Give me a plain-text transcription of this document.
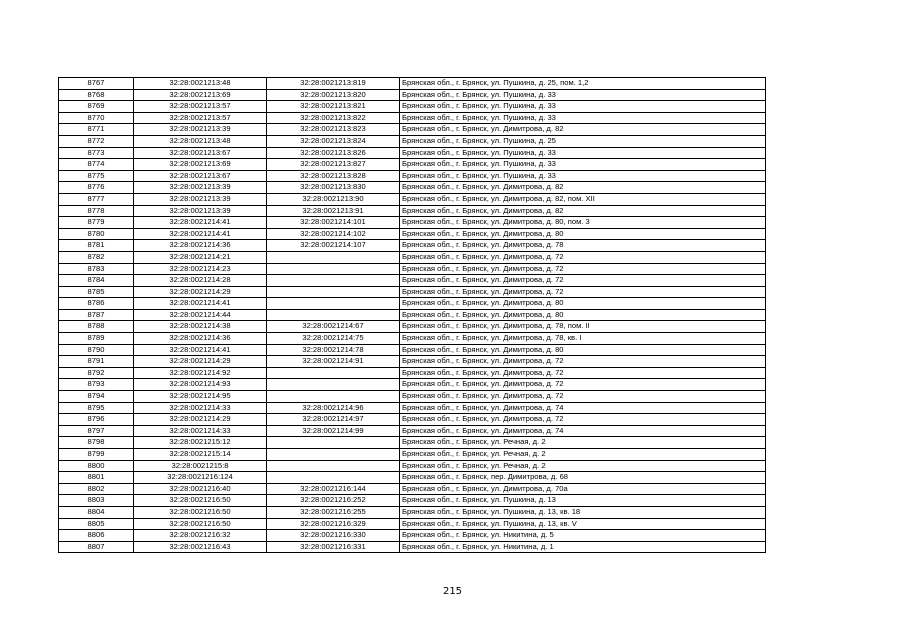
8767	32:28:0021213:48	32:28:0021213:819	Брянская обл., г. Брянск, ул. Пушкина, д. 25, пом. 1,2
8768	32:28:0021213:69	32:28:0021213:820	Брянская обл., г. Брянск, ул. Пушкина, д. 33
8769	32:28:0021213:57	32:28:0021213:821	Брянская обл., г. Брянск, ул. Пушкина, д. 33
8770	32:28:0021213:57	32:28:0021213:822	Брянская обл., г. Брянск, ул. Пушкина, д. 33
8771	32:28:0021213:39	32:28:0021213:823	Брянская обл., г. Брянск, ул. Димитрова, д. 82
8772	32:28:0021213:48	32:28:0021213:824	Брянская обл., г. Брянск, ул. Пушкина, д. 25
8773	32:28:0021213:67	32:28:0021213:826	Брянская обл., г. Брянск, ул. Пушкина, д. 33
8774	32:28:0021213:69	32:28:0021213:827	Брянская обл., г. Брянск, ул. Пушкина, д. 33
8775	32:28:0021213:67	32:28:0021213:828	Брянская обл., г. Брянск, ул. Пушкина, д. 33
8776	32:28:0021213:39	32:28:0021213:830	Брянская обл., г. Брянск, ул. Димитрова, д. 82
8777	32:28:0021213:39	32:28:0021213:90	Брянская обл., г. Брянск, ул. Димитрова, д. 82, пом. XII
8778	32:28:0021213:39	32:28:0021213:91	Брянская обл., г. Брянск, ул. Димитрова, д. 82
8779	32:28:0021214:41	32:28:0021214:101	Брянская обл., г. Брянск, ул. Димитрова, д. 80, пом. 3
8780	32:28:0021214:41	32:28:0021214:102	Брянская обл., г. Брянск, ул. Димитрова, д. 80
8781	32:28:0021214:36	32:28:0021214:107	Брянская обл., г. Брянск, ул. Димитрова, д. 78
8782	32:28:0021214:21		Брянская обл., г. Брянск, ул. Димитрова, д. 72
8783	32:28:0021214:23		Брянская обл., г. Брянск, ул. Димитрова, д. 72
8784	32:28:0021214:28		Брянская обл., г. Брянск, ул. Димитрова, д. 72
8785	32:28:0021214:29		Брянская обл., г. Брянск, ул. Димитрова, д. 72
8786	32:28:0021214:41		Брянская обл., г. Брянск, ул. Димитрова, д. 80
8787	32:28:0021214:44		Брянская обл., г. Брянск, ул. Димитрова, д. 80
8788	32:28:0021214:38	32:28:0021214:67	Брянская обл., г. Брянск, ул. Димитрова, д. 78, пом. II
8789	32:28:0021214:36	32:28:0021214:75	Брянская обл., г. Брянск, ул. Димитрова, д. 78, кв. I
8790	32:28:0021214:41	32:28:0021214:78	Брянская обл., г. Брянск, ул. Димитрова, д. 80
8791	32:28:0021214:29	32:28:0021214:91	Брянская обл., г. Брянск, ул. Димитрова, д. 72
8792	32:28:0021214:92		Брянская обл., г. Брянск, ул. Димитрова, д. 72
8793	32:28:0021214:93		Брянская обл., г. Брянск, ул. Димитрова, д. 72
8794	32:28:0021214:95		Брянская обл., г. Брянск, ул. Димитрова, д. 72
8795	32:28:0021214:33	32:28:0021214:96	Брянская обл., г. Брянск, ул. Димитрова, д. 74
8796	32:28:0021214:29	32:28:0021214:97	Брянская обл., г. Брянск, ул. Димитрова, д. 72
8797	32:28:0021214:33	32:28:0021214:99	Брянская обл., г. Брянск, ул. Димитрова, д. 74
8798	32:28:0021215:12		Брянская обл., г. Брянск, ул. Речная, д. 2
8799	32:28:0021215:14		Брянская обл., г. Брянск, ул. Речная, д. 2
8800	32:28:0021215:8		Брянская обл., г. Брянск, ул. Речная, д. 2
8801	32:28:0021216:124		Брянская обл., г. Брянск, пер. Димитрова, д. 68
8802	32:28:0021216:40	32:28:0021216:144	Брянская обл., г. Брянск, ул. Димитрова, д. 70а
8803	32:28:0021216:50	32:28:0021216:252	Брянская обл., г. Брянск, ул. Пушкина, д. 13
8804	32:28:0021216:50	32:28:0021216:255	Брянская обл., г. Брянск, ул. Пушкина, д. 13, кв. 18
8805	32:28:0021216:50	32:28:0021216:329	Брянская обл., г. Брянск, ул. Пушкина, д. 13, кв. V
8806	32:28:0021216:32	32:28:0021216:330	Брянская обл., г. Брянск, ул. Никитина, д. 5
8807	32:28:0021216:43	32:28:0021216:331	Брянская обл., г. Брянск, ул. Никитина, д. 1
215
